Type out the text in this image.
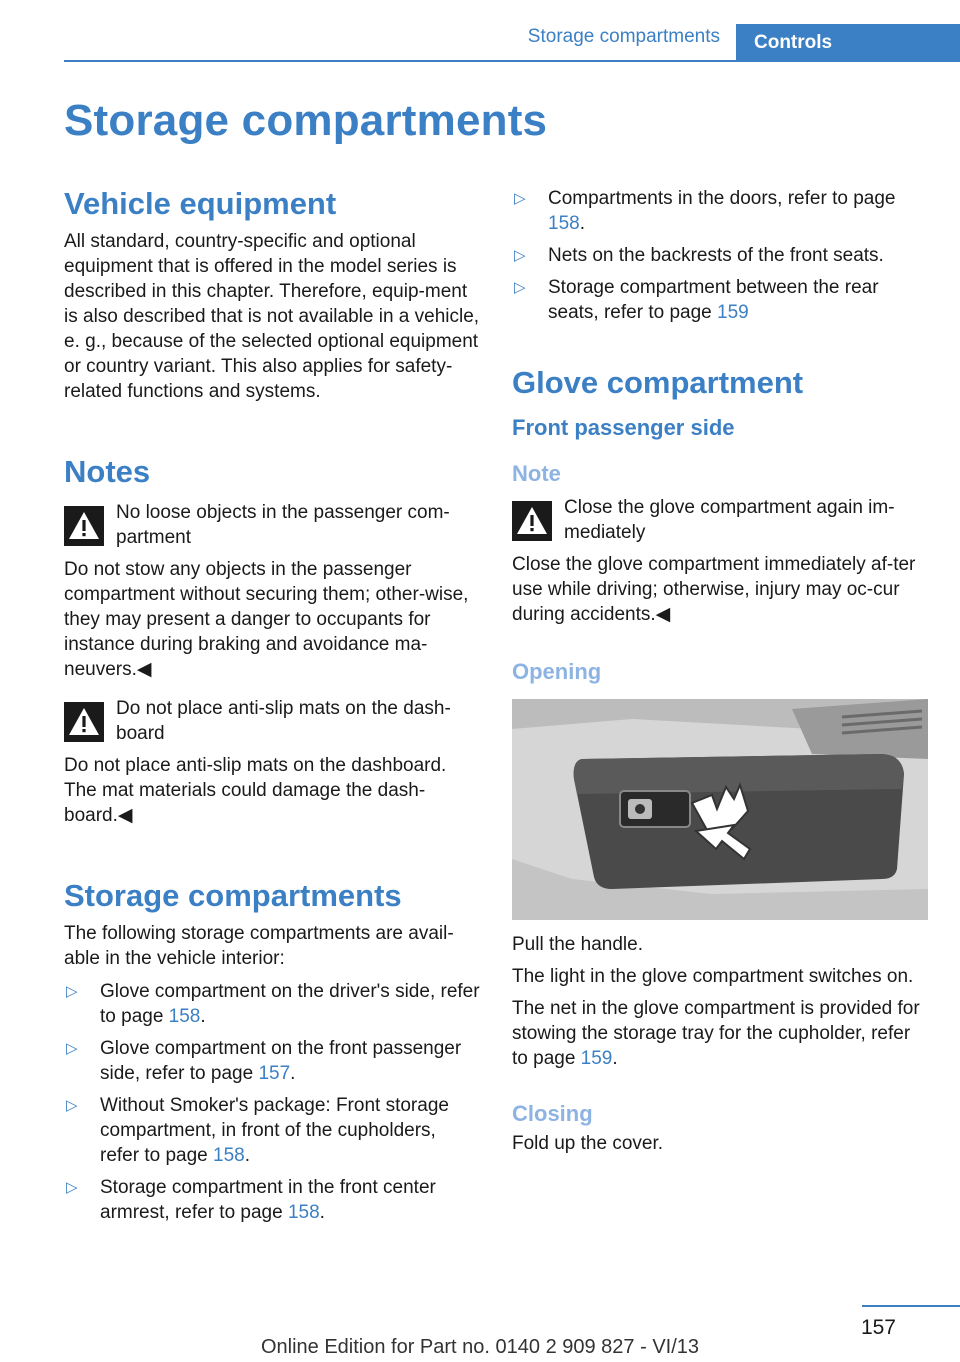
Storage compartments	Controls
Storage compartments
Vehicle equipment

All standard, country-specific and optional equipment that is offered in the model series is described in this chapter. Therefore, equip-ment is also described that is not available in a vehicle, e. g., because of the selected optional equipment or country variant. This also applies for safety-related functions and systems.

Notes

No loose objects in the passenger com-partment

Do not stow any objects in the passenger compartment without securing them; other-wise, they may present a danger to occupants for instance during braking and avoidance ma-neuvers.◀

Do not place anti-slip mats on the dash-board

Do not place anti-slip mats on the dashboard. The mat materials could damage the dash-board.◀

Storage compartments

The following storage compartments are avail-able in the vehicle interior:

▷	Glove compartment on the driver's side, refer to page 158.
▷	Glove compartment on the front passenger side, refer to page 157.
▷	Without Smoker's package: Front storage compartment, in front of the cupholders, refer to page 158.
▷	Storage compartment in the front center armrest, refer to page 158.
▷	Compartments in the doors, refer to page 158.
▷	Nets on the backrests of the front seats.
▷	Storage compartment between the rear seats, refer to page 159
Glove compartment
Front passenger side
Note

Close the glove compartment again im-mediately

Close the glove compartment immediately af-ter use while driving; otherwise, injury may oc-cur during accidents.◀

Opening

Pull the handle.

The light in the glove compartment switches on.

The net in the glove compartment is provided for stowing the storage tray for the cupholder, refer to page 159.

Closing

Fold up the cover.

157
Online Edition for Part no. 0140 2 909 827 - VI/13
